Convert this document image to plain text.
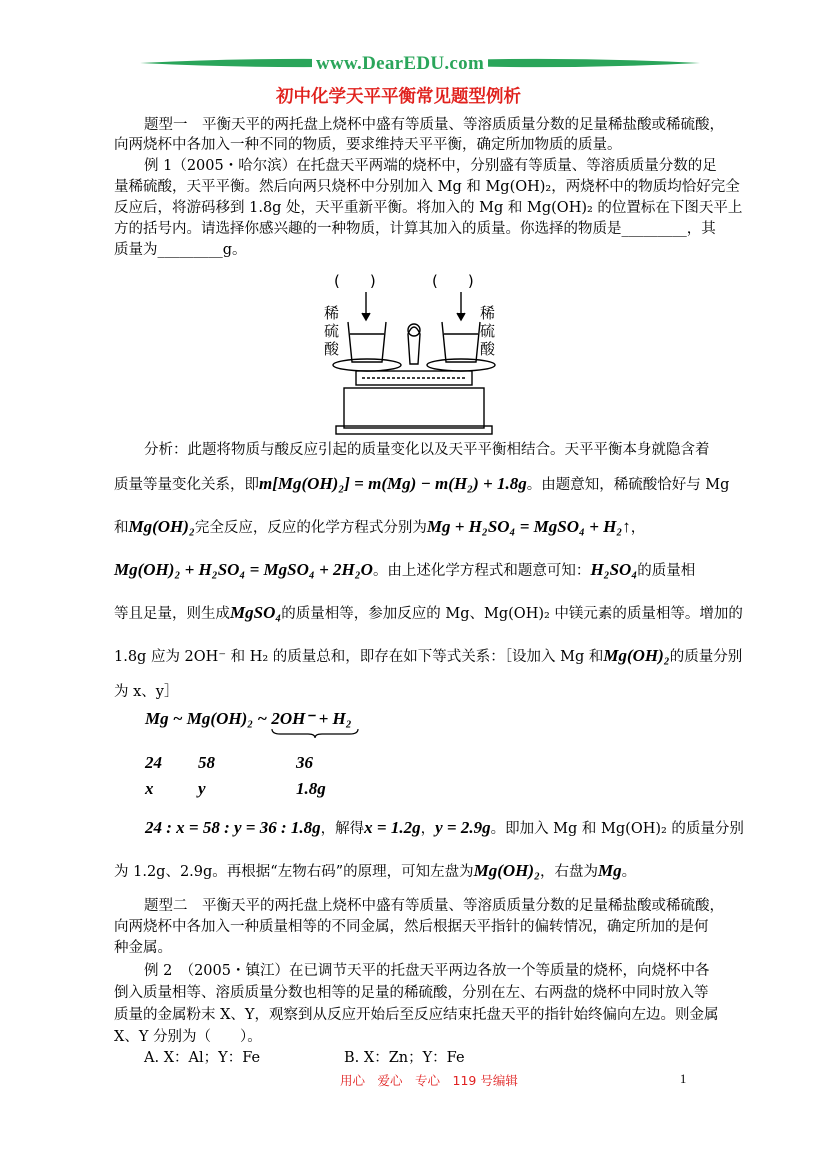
www.DearEDU.com
初中化学天平平衡常见题型例析
题型一　平衡天平的两托盘上烧杯中盛有等质量、等溶质质量分数的足量稀盐酸或稀硫酸，
向两烧杯中各加入一种不同的物质，要求维持天平平衡，确定所加物质的质量。
例 1（2005・哈尔滨）在托盘天平两端的烧杯中，分别盛有等质量、等溶质质量分数的足
量稀硫酸，天平平衡。然后向两只烧杯中分别加入 Mg 和 Mg(OH)₂，两烧杯中的物质均恰好完全
反应后，将游码移到 1.8g 处，天平重新平衡。将加入的 Mg 和 Mg(OH)₂ 的位置标在下图天平上
方的括号内。请选择你感兴趣的一种物质，计算其加入的质量。你选择的物质是_________，其
质量为_________g。
(　　)	(　　)
稀
硫
酸
稀
硫
酸
分析：此题将物质与酸反应引起的质量变化以及天平平衡相结合。天平平衡本身就隐含着
质量等量变化关系，即m[Mg(OH)₂] = m(Mg) − m(H₂) + 1.8g。由题意知，稀硫酸恰好与 Mg
和Mg(OH)₂完全反应，反应的化学方程式分别为Mg + H₂SO₄ = MgSO₄ + H₂↑，
Mg(OH)₂ + H₂SO₄ = MgSO₄ + 2H₂O。由上述化学方程式和题意可知：H₂SO₄的质量相
等且足量，则生成MgSO₄的质量相等，参加反应的 Mg、Mg(OH)₂ 中镁元素的质量相等。增加的
1.8g 应为 2OH⁻ 和 H₂ 的质量总和，即存在如下等式关系：［设加入 Mg 和Mg(OH)₂的质量分别
为 x、y］
Mg ~ Mg(OH)₂ ~ 2OH⁻ + H₂
24 58	36
x	y	1.8g
24 : x = 58 : y = 36 : 1.8g，解得x = 1.2g，y = 2.9g。即加入 Mg 和 Mg(OH)₂ 的质量分别
为 1.2g、2.9g。再根据“左物右码”的原理，可知左盘为Mg(OH)₂，右盘为Mg。
题型二　平衡天平的两托盘上烧杯中盛有等质量、等溶质质量分数的足量稀盐酸或稀硫酸，
向两烧杯中各加入一种质量相等的不同金属，然后根据天平指针的偏转情况，确定所加的是何
种金属。
例 2　（2005・镇江）在已调节天平的托盘天平两边各放一个等质量的烧杯，向烧杯中各
倒入质量相等、溶质质量分数也相等的足量的稀硫酸，分别在左、右两盘的烧杯中同时放入等
质量的金属粉末 X、Y，观察到从反应开始后至反应结束托盘天平的指针始终偏向左边。则金属
X、Y 分别为（　　）。
A. X：Al；Y：Fe	B. X：Zn；Y：Fe
用心　爱心　专心　119 号编辑	1
